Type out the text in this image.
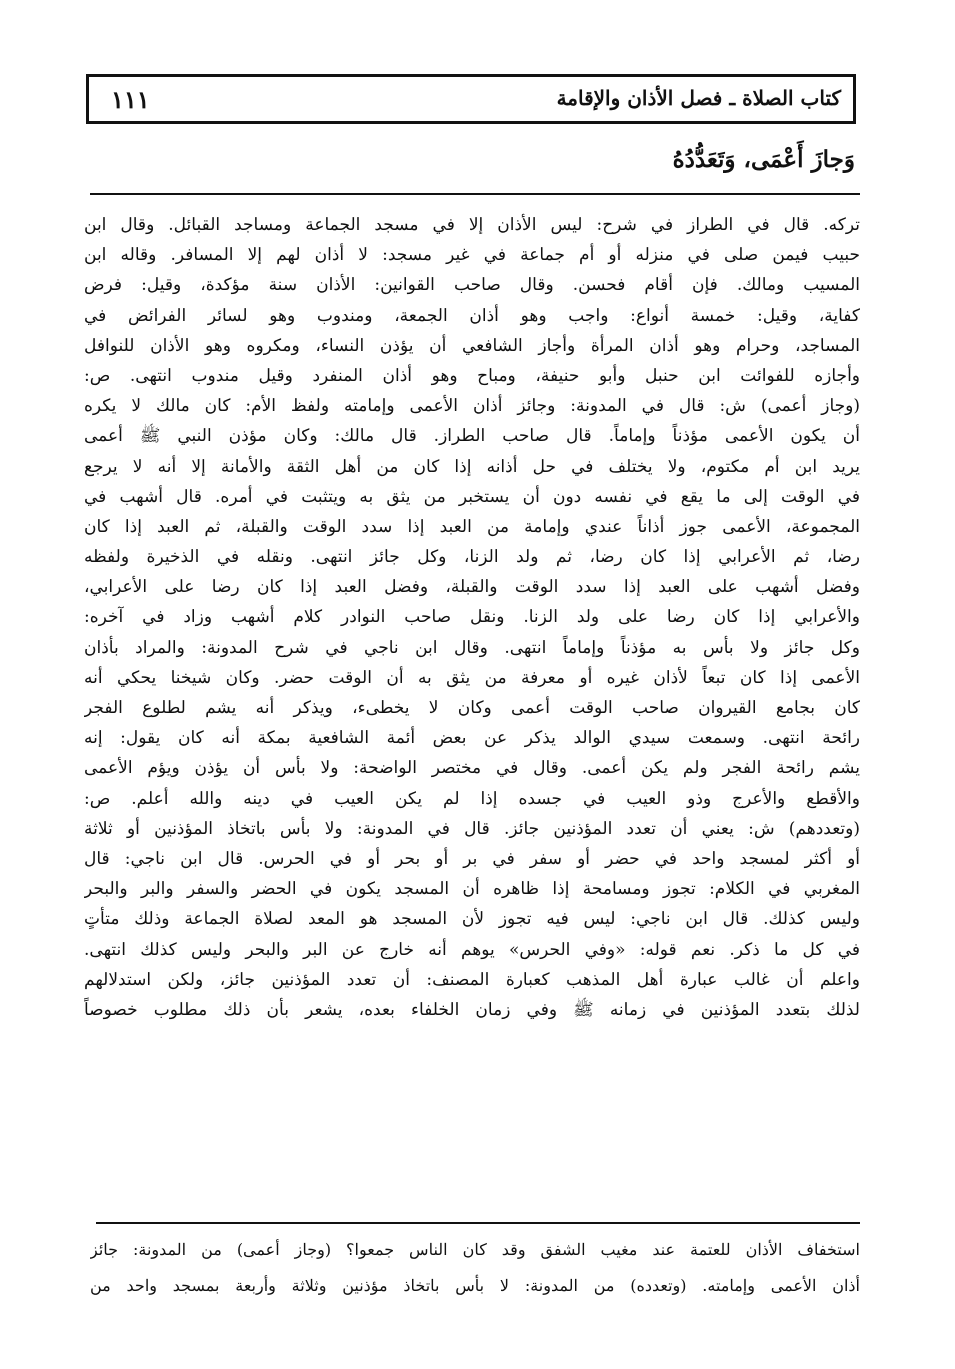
١١١	كتاب الصلاة ـ فصل الأذان والإقامة
وَجازَ أَعْمَى، وَتَعَدُّدُهُ
تركه. قال في الطراز في شرح: ليس الأذان إلا في مسجد الجماعة ومساجد القبائل. وقال ابن
حبيب فيمن صلى في منزله أو أم جماعة في غير مسجد: لا أذان لهم إلا المسافر. وقاله ابن
المسيب ومالك. فإن أقام فحسن. وقال صاحب القوانين: الأذان سنة مؤكدة، وقيل: فرض
كفاية، وقيل: خمسة أنواع: واجب وهو أذان الجمعة، ومندوب وهو لسائر الفرائض في
المساجد، وحرام وهو أذان المرأة وأجاز الشافعي أن يؤذن النساء، ومكروه وهو الأذان للنوافل
وأجازه للفوائت ابن حنبل وأبو حنيفة، ومباح وهو أذان المنفرد وقيل مندوب انتهى. ص:
(وجاز أعمى) ش: قال في المدونة: وجائز أذان الأعمى وإمامته ولفظ الأم: كان مالك لا يكره
أن يكون الأعمى مؤذناً وإماماً. قال صاحب الطراز. قال مالك: وكان مؤذن النبي ﷺ أعمى
يريد ابن أم مكتوم، ولا يختلف في حل أذانه إذا كان من أهل الثقة والأمانة إلا أنه لا يرجع
في الوقت إلى ما يقع في نفسه دون أن يستخبر من يثق به ويتثبت في أمره. قال أشهب في
المجموعة، الأعمى جوز أذاناً عندي وإمامة من العبد إذا سدد الوقت والقبلة، ثم العبد إذا كان
رضا، ثم الأعرابي إذا كان رضا، ثم ولد الزنا، وكل جائز انتهى. ونقله في الذخيرة ولفظه
وفضل أشهب على العبد إذا سدد الوقت والقبلة، وفضل العبد إذا كان رضا على الأعرابي،
والأعرابي إذا كان رضا على ولد الزنا. ونقل صاحب النوادر كلام أشهب وزاد في آخره:
وكل جائز ولا بأس به مؤذناً وإماماً انتهى. وقال ابن ناجي في شرح المدونة: والمراد بأذان
الأعمى إذا كان تبعاً لأذان غيره أو معرفة من يثق به أن الوقت حضر. وكان شيخنا يحكي أنه
كان بجامع القيروان صاحب الوقت أعمى وكان لا يخطىء، ويذكر أنه يشم لطلوع الفجر
رائحة انتهى. وسمعت سيدي الوالد يذكر عن بعض أئمة الشافعية بمكة أنه كان يقول: إنه
يشم رائحة الفجر ولم يكن أعمى. وقال في مختصر الواضحة: ولا بأس أن يؤذن ويؤم الأعمى
والأقطع والأعرج وذو العيب في جسده إذا لم يكن العيب في دينه والله أعلم. ص:
(وتعددهم) ش: يعني أن تعدد المؤذنين جائز. قال في المدونة: ولا بأس باتخاذ المؤذنين أو ثلاثة
أو أكثر لمسجد واحد في حضر أو سفر في بر أو بحر أو في الحرس. قال ابن ناجي: قال
المغربي في الكلام: تجوز ومسامحة إذا ظاهره أن المسجد يكون في الحضر والسفر والبر والبحر
وليس كذلك. قال ابن ناجي: ليس فيه تجوز لأن المسجد هو المعد لصلاة الجماعة وذلك متأتٍ
في كل ما ذكر. نعم قوله: «وفي الحرس» يوهم أنه خارج عن البر والبحر وليس كذلك انتهى.
واعلم أن غالب عبارة أهل المذهب كعبارة المصنف: أن تعدد المؤذنين جائز، ولكن استدلالهم
لذلك بتعدد المؤذنين في زمانه ﷺ وفي زمان الخلفاء بعده، يشعر بأن ذلك مطلوب خصوصاً
استخفاف الأذان للعتمة عند مغيب الشفق وقد كان الناس جمعوا؟ (وجاز أعمى) من المدونة: جائز
أذان الأعمى وإمامته. (وتعدده) من المدونة: لا بأس باتخاذ مؤذنين وثلاثة وأربعة بمسجد واحد من
